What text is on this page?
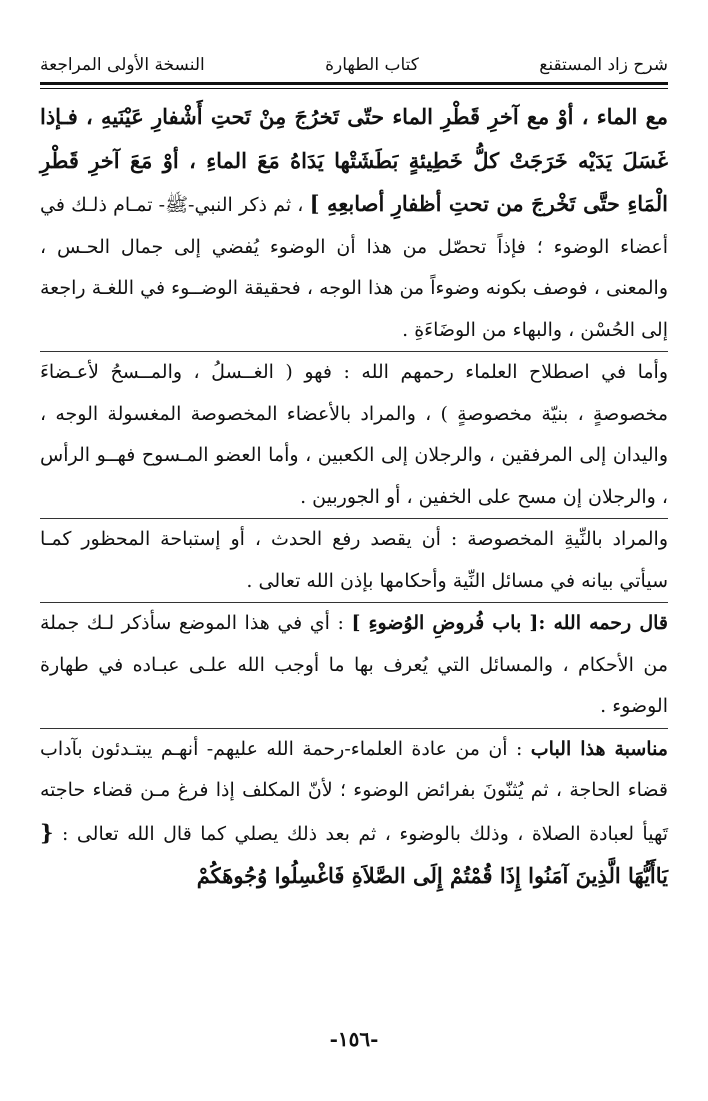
شرح زاد المستقنع
كتاب الطهارة
النسخة الأولى المراجعة

مع الماء ، أوْ مع آخرِ قَطْرِ الماء حتّى تَخرُجَ مِنْ تَحتِ أَشْفارِ عَيْنَيهِ ، فـإذا غَسَلَ يَدَيْه خَرَجَتْ كلُّ خَطِيئةٍ بَطَشَتْها يَدَاهُ مَعَ الماءِ ، أوْ مَعَ آخرِ قَطْرِ الْمَاءِ حتَّى تَخْرجَ من تحتِ أظفارِ أصابعِهِ ] ، ثم ذكر النبي-ﷺ- تمـام ذلـك في أعضاء الوضوء ؛ فإذاً تحصّل من هذا أن الوضوء يُفضي إلى جمال الحـس ، والمعنى ، فوصف بكونه وضوءاً من هذا الوجه ، فحقيقة الوضــوء في اللغـة راجعة إلى الحُسْن ، والبهاء من الوضَاءَةِ .

وأما في اصطلاح العلماء رحمهم الله : فهو ( الغــسلُ ، والمــسحُ لأعـضاءَ مخصوصةٍ ، بنيّة مخصوصةٍ ) ، والمراد بالأعضاء المخصوصة المغسولة الوجه ، واليدان إلى المرفقين ، والرجلان إلى الكعبين ، وأما العضو المـسوح فهــو الرأس ، والرجلان إن مسح على الخفين ، أو الجوربين .

والمراد بالنِّيةِ المخصوصة : أن يقصد رفع الحدث ، أو إستباحة المحظور كمـا سيأتي بيانه في مسائل النِّية وأحكامها بإذن الله تعالى .

قال رحمه الله :[ باب فُروضِ الوُضوءِ ] : أي في هذا الموضع سأذكر لـك جملة من الأحكام ، والمسائل التي يُعرف بها ما أوجب الله علـى عبـاده في طهارة الوضوء .

مناسبة هذا الباب : أن من عادة العلماء-رحمة الله عليهم- أنهـم يبتـدئون بآداب قضاء الحاجة ، ثم يُثنّونَ بفرائض الوضوء ؛ لأنّ المكلف إذا فرغ مـن قضاء حاجته تَهيأ لعبادة الصلاة ، وذلك بالوضوء ، ثم بعد ذلك يصلي كما قال الله تعالى : { يَاأَيُّهَا الَّذِينَ آمَنُوا إِذَا قُمْتُمْ إِلَى الصَّلاَةِ فَاغْسِلُوا وُجُوهَكُمْ

-١٥٦-
